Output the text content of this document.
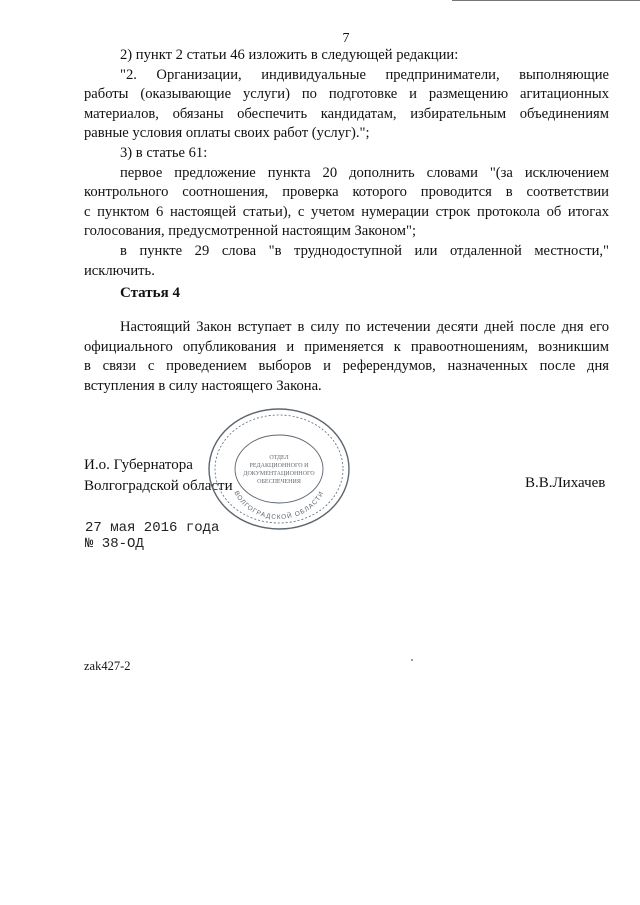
7
2) пункт 2 статьи 46 изложить в следующей редакции:
"2. Организации, индивидуальные предприниматели, выполняющие
работы (оказывающие услуги) по подготовке и размещению агитационных
материалов, обязаны обеспечить кандидатам, избирательным объединениям
равные условия оплаты своих работ (услуг).";
3) в статье 61:
первое предложение пункта 20 дополнить словами "(за исключением
контрольного соотношения, проверка которого проводится в соответствии
с пунктом 6 настоящей статьи), с учетом нумерации строк протокола об итогах
голосования, предусмотренной настоящим Законом";
в пункте 29 слова "в труднодоступной или отдаленной местности,"
исключить.
Статья 4
Настоящий Закон вступает в силу по истечении десяти дней после дня его
официального опубликования и применяется к правоотношениям, возникшим
в связи с проведением выборов и референдумов, назначенных после дня
вступления в силу настоящего Закона.
И.о. Губернатора
Волгоградской области	В.В.Лихачев
ВОЛГОГРАДСКОЙ ОБЛАСТИ
ОТДЕЛ
РЕДАКЦИОННОГО И
ДОКУМЕНТАЦИОННОГО
ОБЕСПЕЧЕНИЯ
27 мая 2016 года
№ 38-ОД
zak427-2
